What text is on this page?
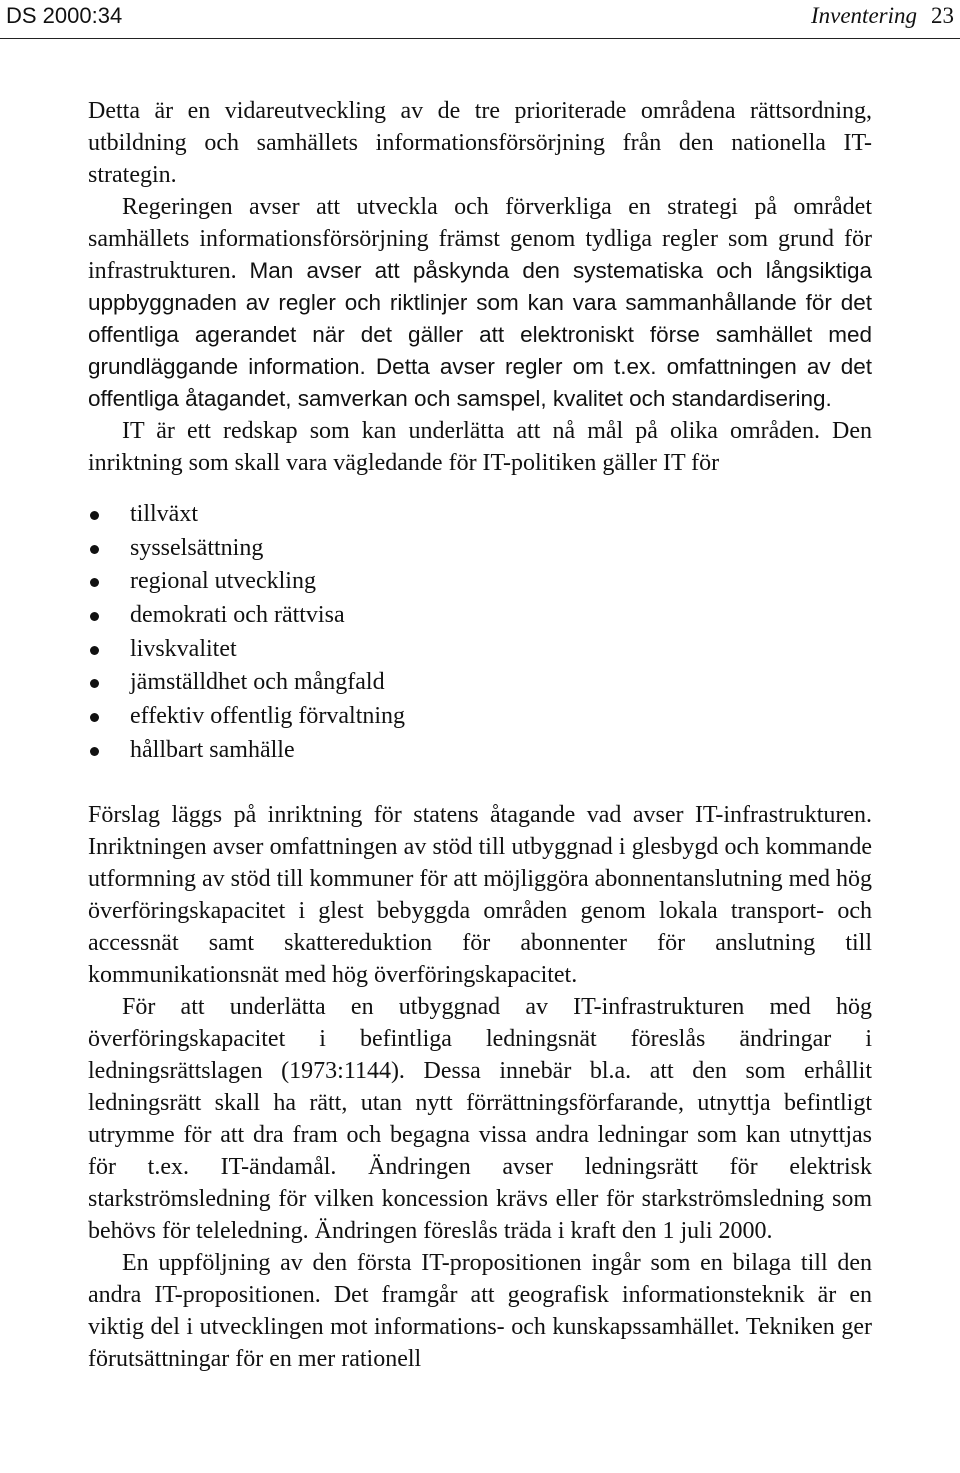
DS 2000:34	Inventering 23

Detta är en vidareutveckling av de tre prioriterade områdena rättsordning, utbildning och samhällets informationsförsörjning från den nationella IT-strategin.

Regeringen avser att utveckla och förverkliga en strategi på området samhällets informationsförsörjning främst genom tydliga regler som grund för infrastrukturen. Man avser att påskynda den systematiska och långsiktiga uppbyggnaden av regler och riktlinjer som kan vara sammanhållande för det offentliga agerandet när det gäller att elektroniskt förse samhället med grundläggande information. Detta avser regler om t.ex. omfattningen av det offentliga åtagandet, samverkan och samspel, kvalitet och standardisering.

IT är ett redskap som kan underlätta att nå mål på olika områden. Den inriktning som skall vara vägledande för IT-politiken gäller IT för

tillväxt
sysselsättning
regional utveckling
demokrati och rättvisa
livskvalitet
jämställdhet och mångfald
effektiv offentlig förvaltning
hållbart samhälle

Förslag läggs på inriktning för statens åtagande vad avser IT-infrastrukturen. Inriktningen avser omfattningen av stöd till utbyggnad i glesbygd och kommande utformning av stöd till kommuner för att möjliggöra abonnentanslutning med hög överföringskapacitet i glest bebyggda områden genom lokala transport- och accessnät samt skattereduktion för abonnenter för anslutning till kommunikationsnät med hög överföringskapacitet.

För att underlätta en utbyggnad av IT-infrastrukturen med hög överföringskapacitet i befintliga ledningsnät föreslås ändringar i ledningsrättslagen (1973:1144). Dessa innebär bl.a. att den som erhållit ledningsrätt skall ha rätt, utan nytt förrättningsförfarande, utnyttja befintligt utrymme för att dra fram och begagna vissa andra ledningar som kan utnyttjas för t.ex. IT-ändamål. Ändringen avser ledningsrätt för elektrisk starkströmsledning för vilken koncession krävs eller för starkströmsledning som behövs för teleledning. Ändringen föreslås träda i kraft den 1 juli 2000.

En uppföljning av den första IT-propositionen ingår som en bilaga till den andra IT-propositionen. Det framgår att geografisk informationsteknik är en viktig del i utvecklingen mot informations- och kunskapssamhället. Tekniken ger förutsättningar för en mer rationell
